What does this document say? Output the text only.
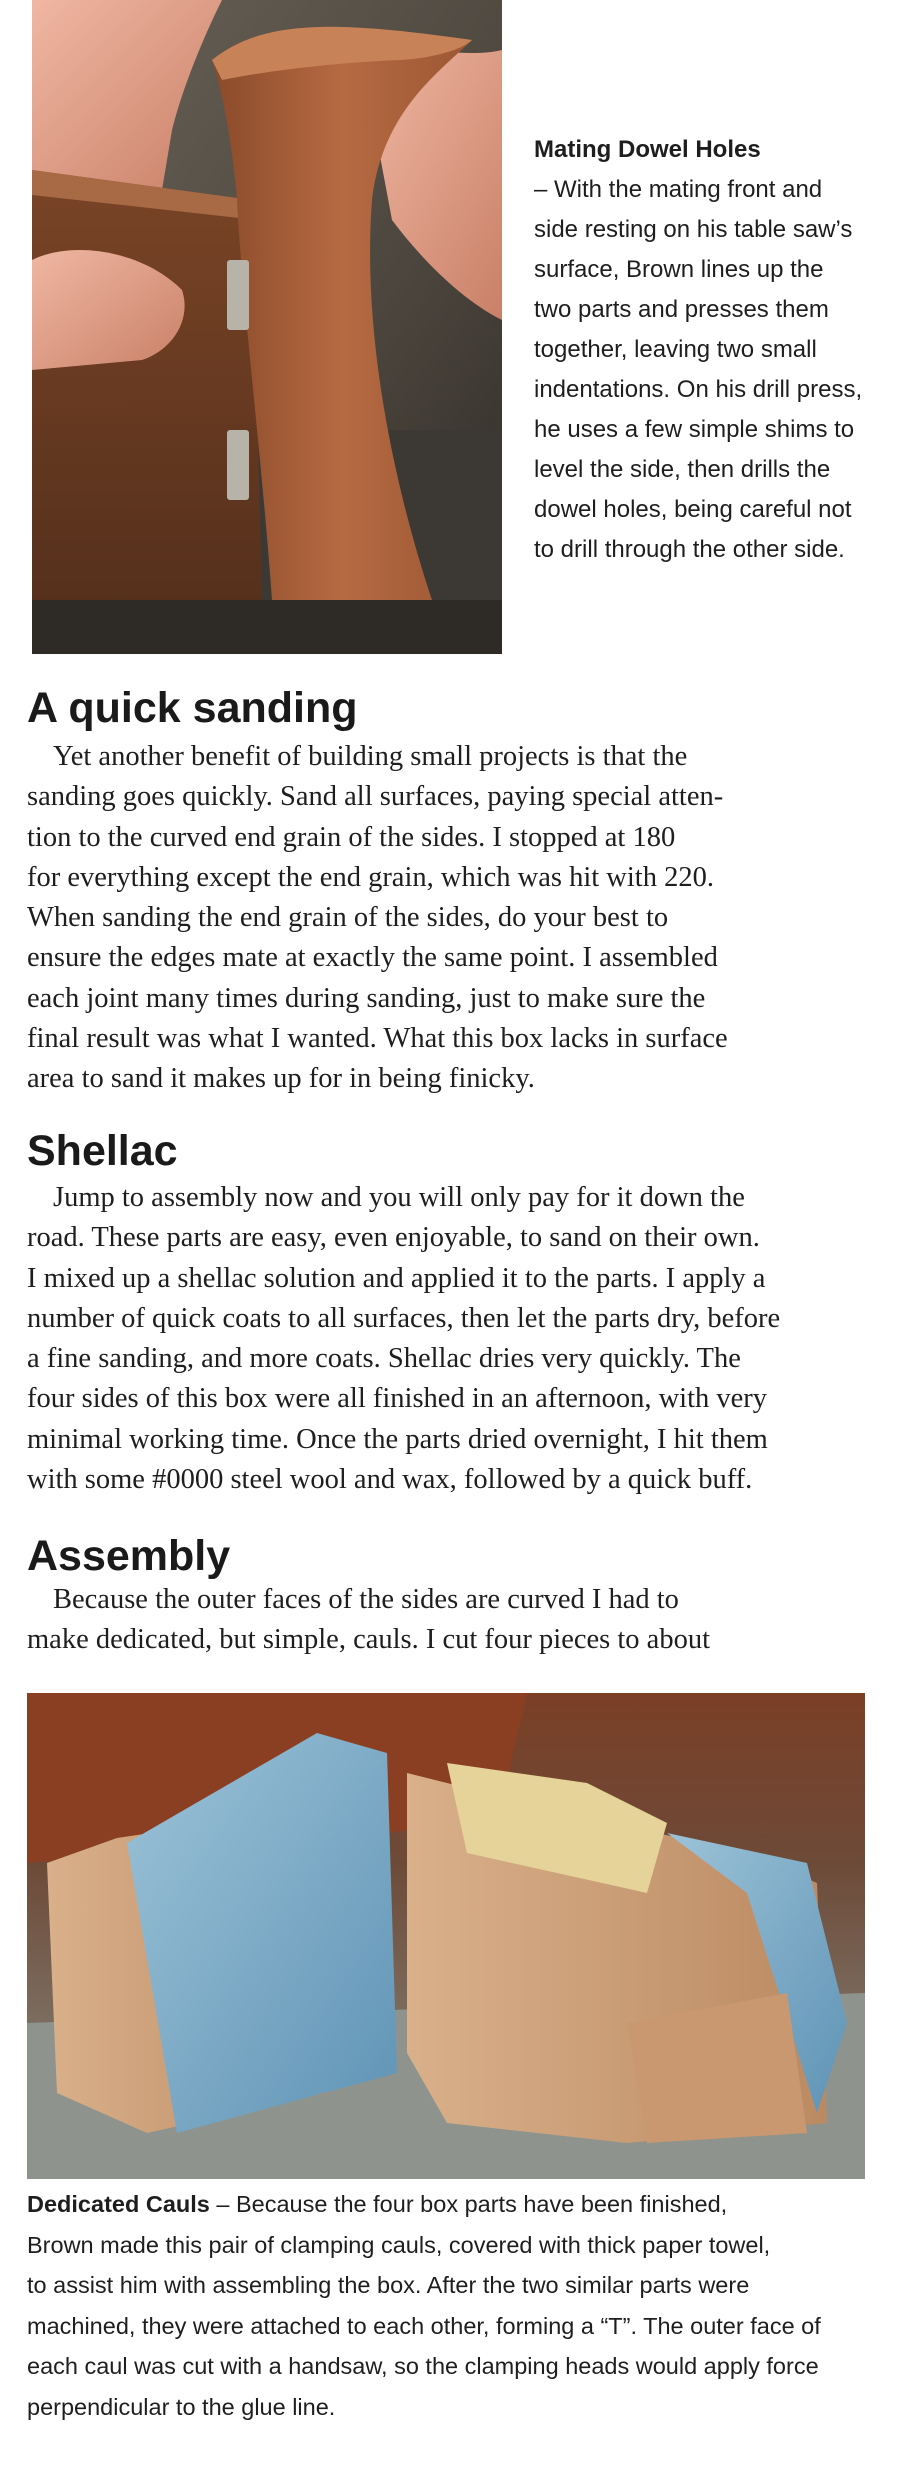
Mating Dowel Holes
– With the mating front and
side resting on his table saw’s
surface, Brown lines up the
two parts and presses them
together, leaving two small
indentations. On his drill press,
he uses a few simple shims to
level the side, then drills the
dowel holes, being careful not
to drill through the other side.
A quick sanding

Yet another benefit of building small projects is that the
sanding goes quickly. Sand all surfaces, paying special atten-
tion to the curved end grain of the sides. I stopped at 180
for everything except the end grain, which was hit with 220.
When sanding the end grain of the sides, do your best to
ensure the edges mate at exactly the same point. I assembled
each joint many times during sanding, just to make sure the
final result was what I wanted. What this box lacks in surface
area to sand it makes up for in being finicky.

Shellac

Jump to assembly now and you will only pay for it down the
road. These parts are easy, even enjoyable, to sand on their own.
I mixed up a shellac solution and applied it to the parts. I apply a
number of quick coats to all surfaces, then let the parts dry, before
a fine sanding, and more coats. Shellac dries very quickly. The
four sides of this box were all finished in an afternoon, with very
minimal working time. Once the parts dried overnight, I hit them
with some #0000 steel wool and wax, followed by a quick buff.

Assembly

Because the outer faces of the sides are curved I had to
make dedicated, but simple, cauls. I cut four pieces to about

Dedicated Cauls – Because the four box parts have been finished,
Brown made this pair of clamping cauls, covered with thick paper towel,
to assist him with assembling the box. After the two similar parts were
machined, they were attached to each other, forming a “T”. The outer face of
each caul was cut with a handsaw, so the clamping heads would apply force
perpendicular to the glue line.
